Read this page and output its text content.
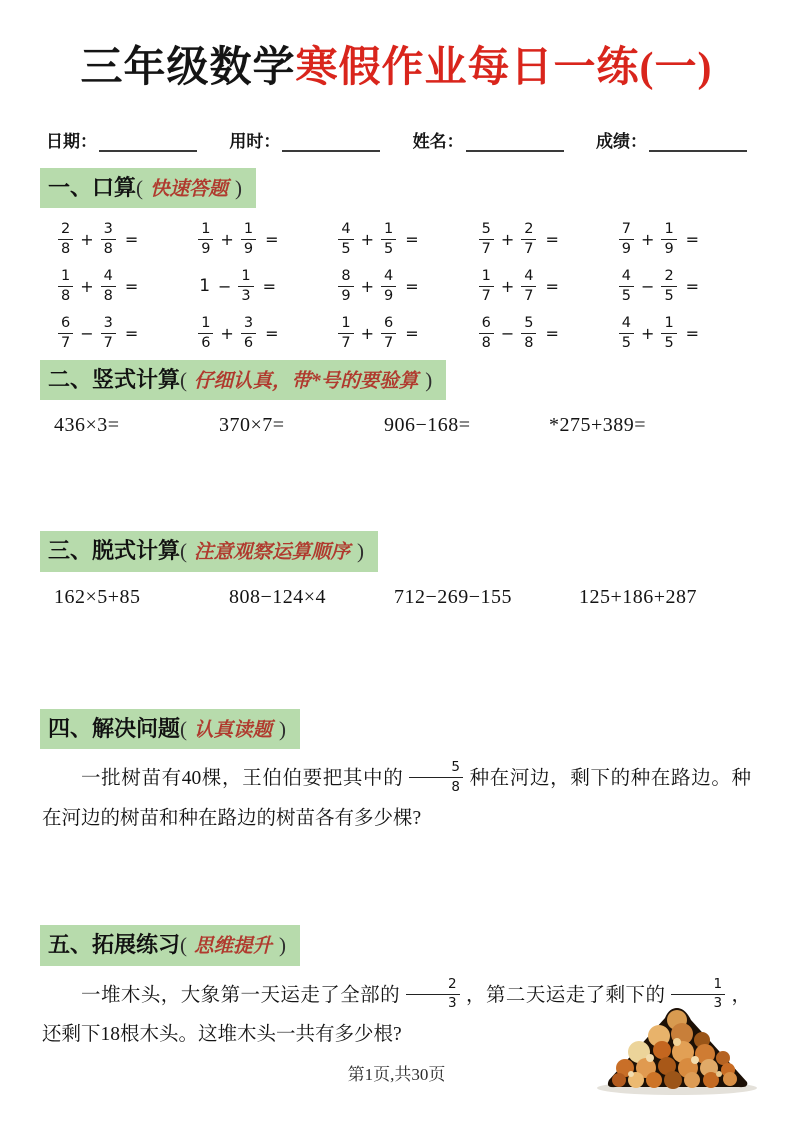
三年级数学寒假作业每日一练(一)
日期：	用时：	姓名：	成绩：
一、口算( 快速答题 )
$\frac{2}{8} + \frac{3}{8}$ =	$\frac{1}{9} + \frac{1}{9}$ =	$\frac{4}{5} + \frac{1}{5}$ =	$\frac{5}{7} + \frac{2}{7}$ =	$\frac{7}{9} + \frac{1}{9}$ =
$\frac{1}{8} + \frac{4}{8}$ =	$1 - \frac{1}{3}$ =	$\frac{8}{9} + \frac{4}{9}$ =	$\frac{1}{7} + \frac{4}{7}$ =	$\frac{4}{5} - \frac{2}{5}$ =
$\frac{6}{7} - \frac{3}{7}$ =	$\frac{1}{6} + \frac{3}{6}$ =	$\frac{1}{7} + \frac{6}{7}$ =	$\frac{6}{8} - \frac{5}{8}$ =	$\frac{4}{5} + \frac{1}{5}$ =
二、竖式计算( 仔细认真，带*号的要验算 )
436×3=	370×7=	906−168=	*275+389=
三、脱式计算( 注意观察运算顺序 )
162×5+85	808−124×4	712−269−155	125+186+287
四、解决问题( 认真读题 )

一批树苗有40棵，王伯伯要把其中的 $\frac{5}{8}$ 种在河边，剩下的种在路边。种在河边的树苗和种在路边的树苗各有多少棵?

五、拓展练习( 思维提升 )

一堆木头，大象第一天运走了全部的 $\frac{2}{3}$ ，第二天运走了剩下的 $\frac{1}{3}$ ，还剩下18根木头。这堆木头一共有多少根?

第1页,共30页
